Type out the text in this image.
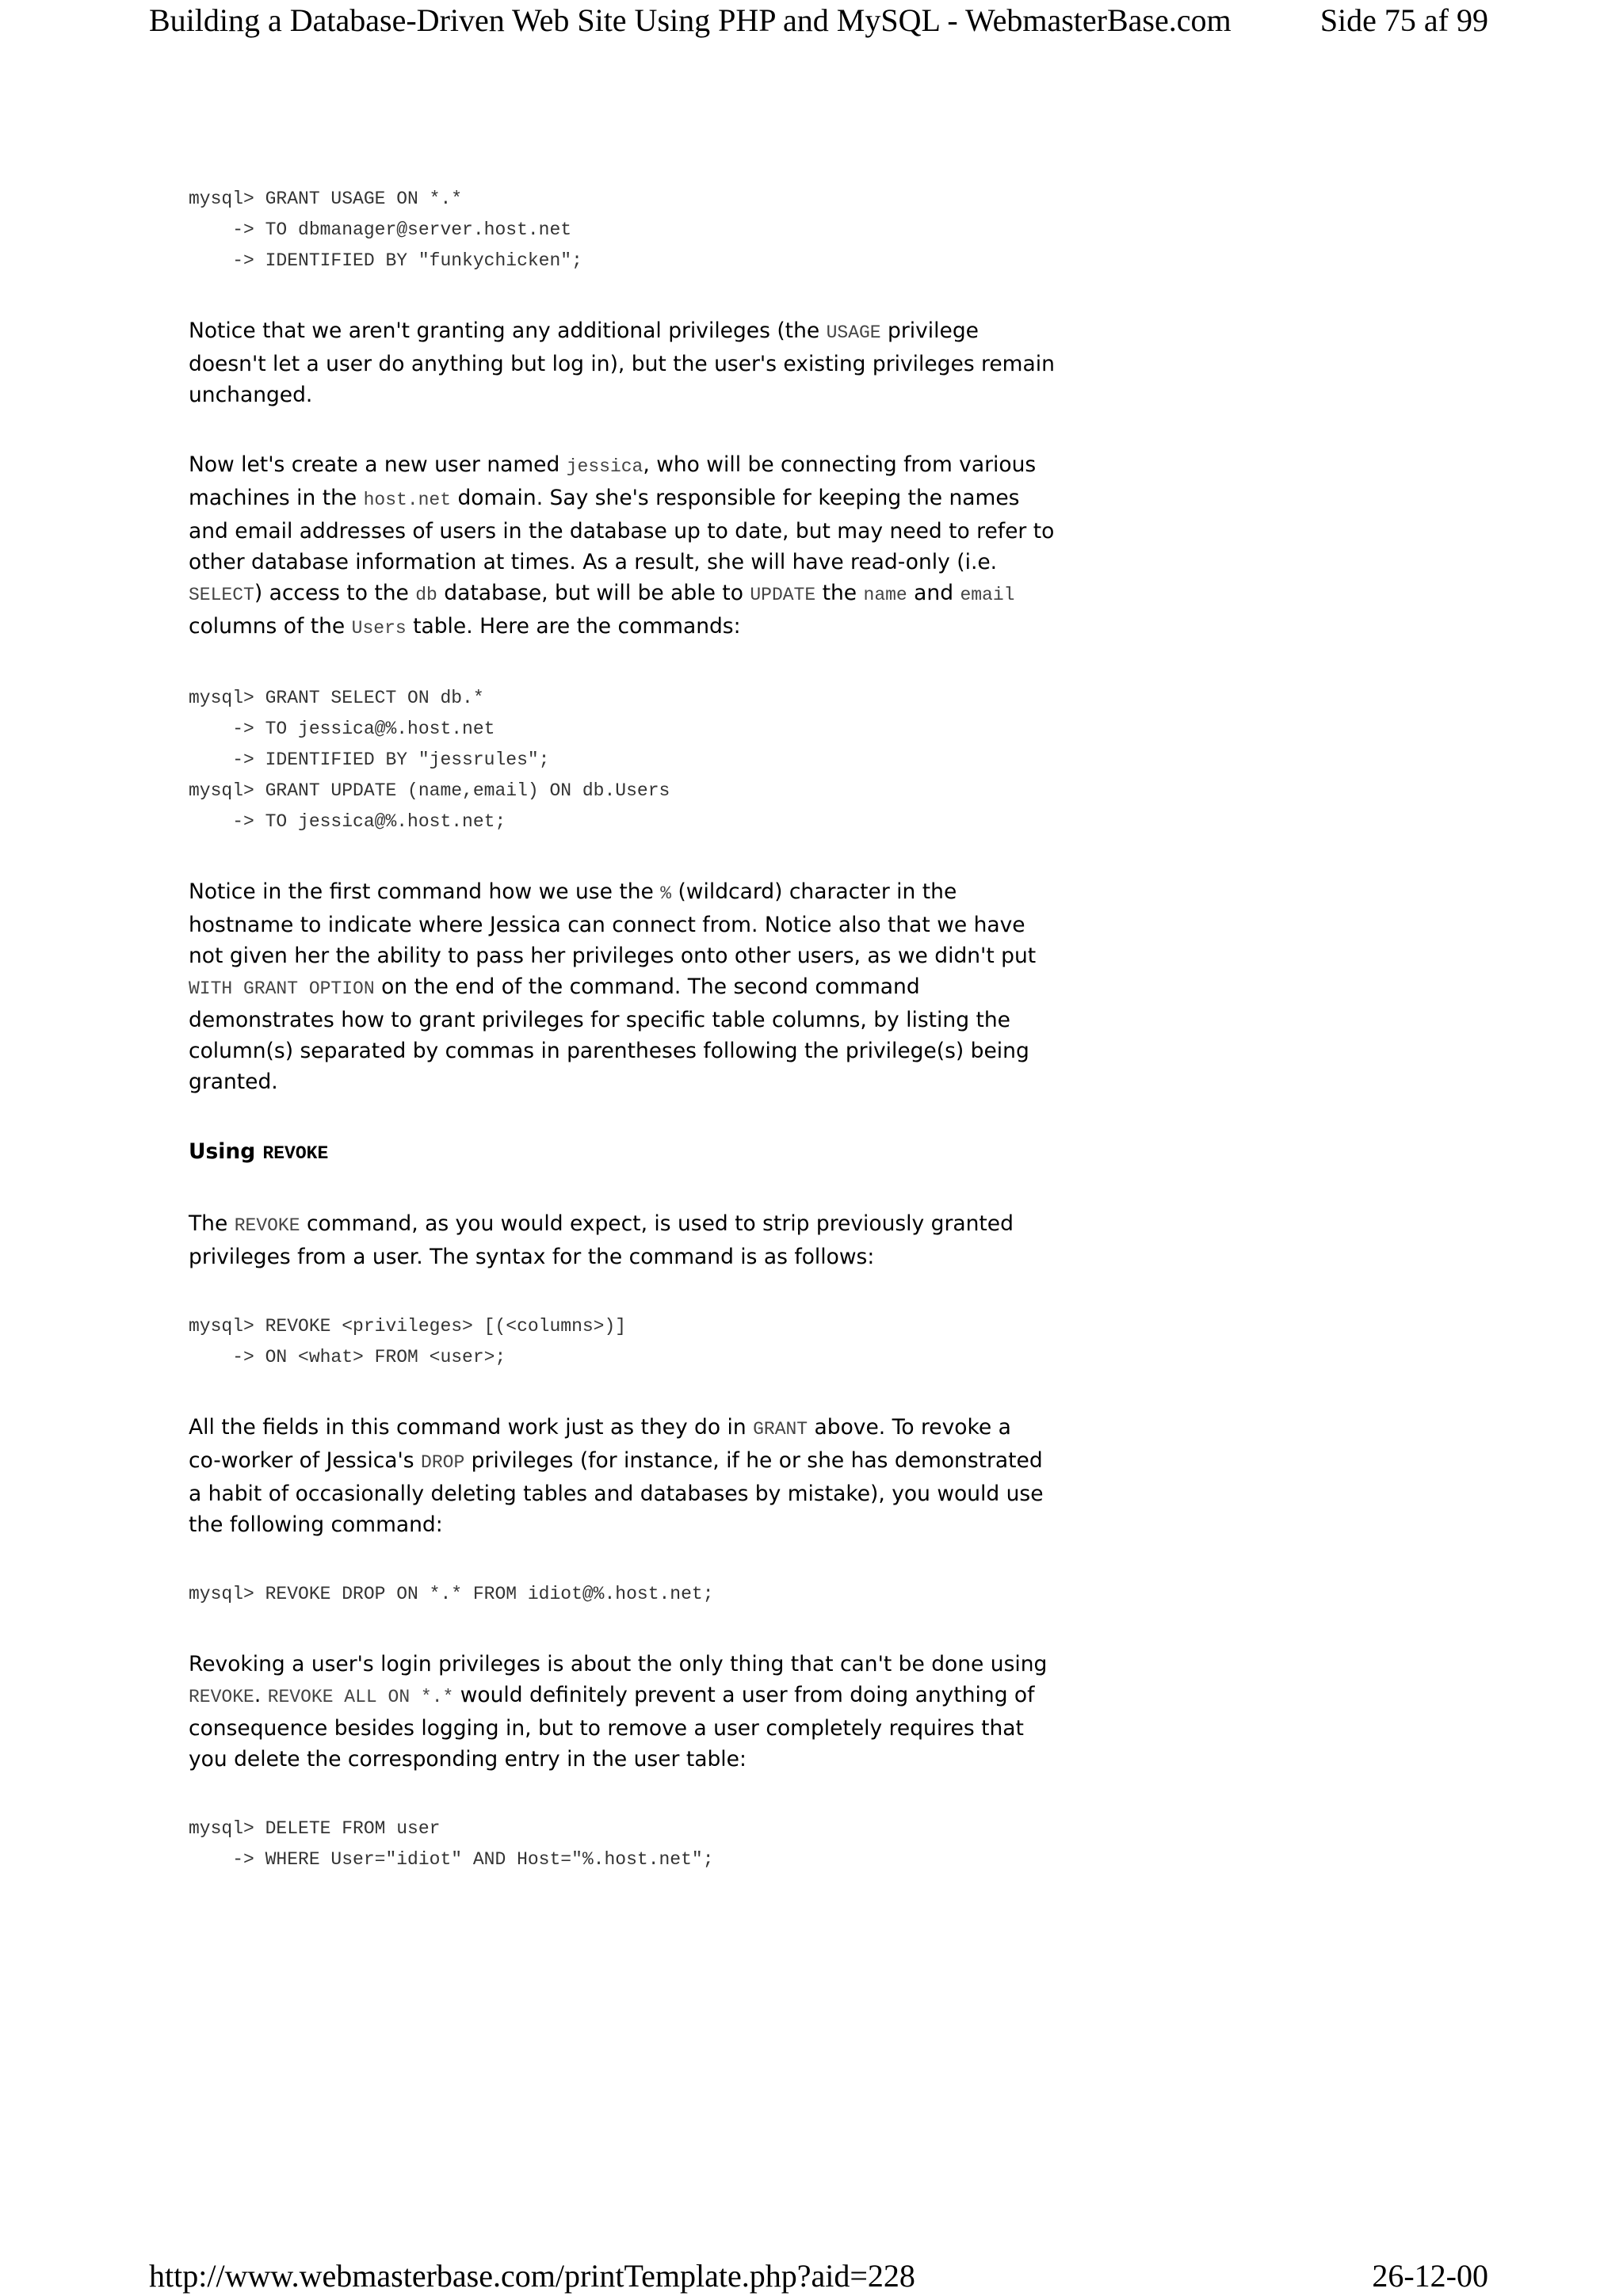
Building a Database-Driven Web Site Using PHP and MySQL - WebmasterBase.com	Side 75 af 99
mysql> GRANT USAGE ON *.*
-> TO dbmanager@server.host.net
-> IDENTIFIED BY "funkychicken";

Notice that we aren't granting any additional privileges (the USAGE privilege
doesn't let a user do anything but log in), but the user's existing privileges remain
unchanged.

Now let's create a new user named jessica, who will be connecting from various
machines in the host.net domain. Say she's responsible for keeping the names
and email addresses of users in the database up to date, but may need to refer to
other database information at times. As a result, she will have read-only (i.e.
SELECT) access to the db database, but will be able to UPDATE the name and email
columns of the Users table. Here are the commands:

mysql> GRANT SELECT ON db.*
-> TO jessica@%.host.net
-> IDENTIFIED BY "jessrules";
mysql> GRANT UPDATE (name,email) ON db.Users
-> TO jessica@%.host.net;

Notice in the first command how we use the % (wildcard) character in the
hostname to indicate where Jessica can connect from. Notice also that we have
not given her the ability to pass her privileges onto other users, as we didn't put
WITH GRANT OPTION on the end of the command. The second command
demonstrates how to grant privileges for specific table columns, by listing the
column(s) separated by commas in parentheses following the privilege(s) being
granted.

Using REVOKE

The REVOKE command, as you would expect, is used to strip previously granted
privileges from a user. The syntax for the command is as follows:

mysql> REVOKE <privileges> [(<columns>)]
-> ON <what> FROM <user>;

All the fields in this command work just as they do in GRANT above. To revoke a
co-worker of Jessica's DROP privileges (for instance, if he or she has demonstrated
a habit of occasionally deleting tables and databases by mistake), you would use
the following command:

mysql> REVOKE DROP ON *.* FROM idiot@%.host.net;

Revoking a user's login privileges is about the only thing that can't be done using
REVOKE. REVOKE ALL ON *.* would definitely prevent a user from doing anything of
consequence besides logging in, but to remove a user completely requires that
you delete the corresponding entry in the user table:

mysql> DELETE FROM user
-> WHERE User="idiot" AND Host="%.host.net";
http://www.webmasterbase.com/printTemplate.php?aid=228	26-12-00
